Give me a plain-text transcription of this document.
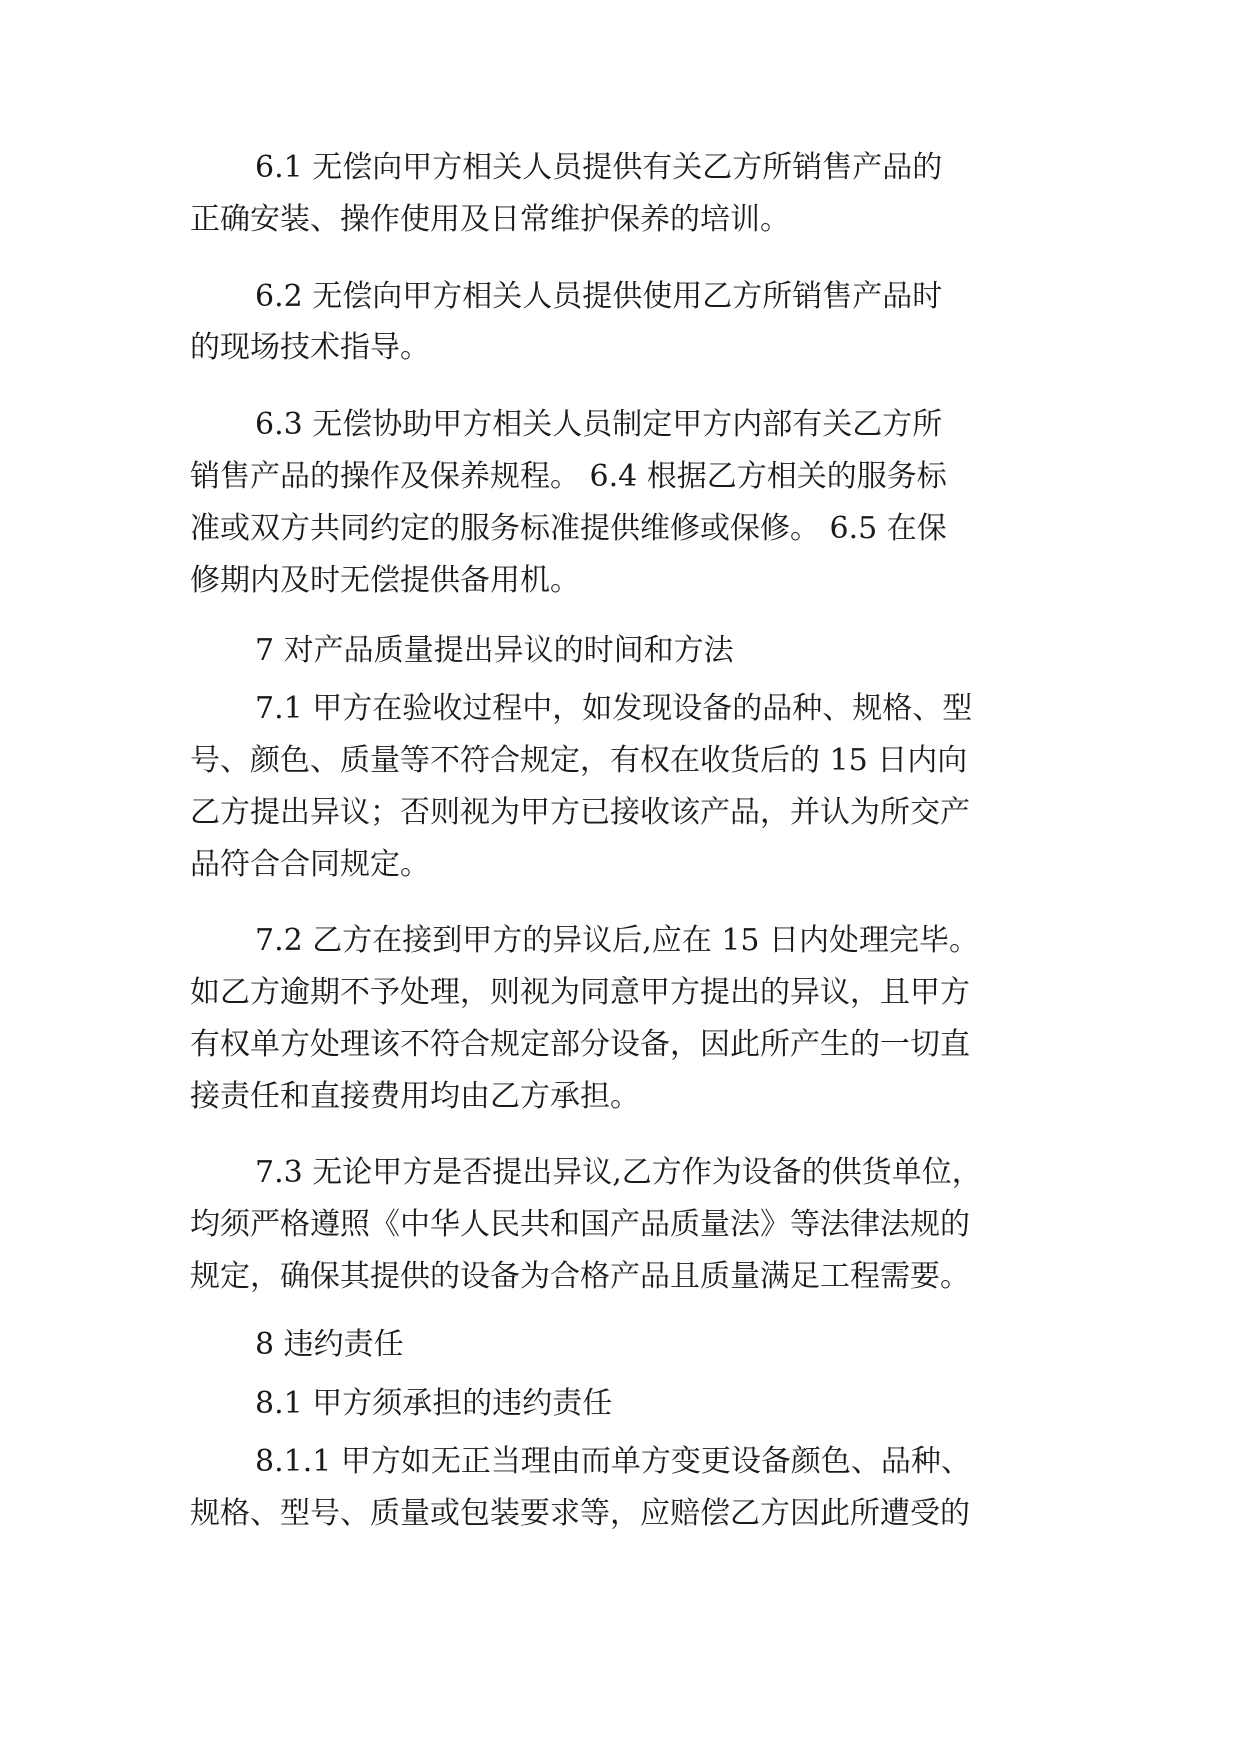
6.1 无偿向甲方相关人员提供有关乙方所销售产品的
正确安装、操作使用及日常维护保养的培训。
6.2 无偿向甲方相关人员提供使用乙方所销售产品时
的现场技术指导。
6.3 无偿协助甲方相关人员制定甲方内部有关乙方所
销售产品的操作及保养规程。 6.4 根据乙方相关的服务标
准或双方共同约定的服务标准提供维修或保修。 6.5 在保
修期内及时无偿提供备用机。
7 对产品质量提出异议的时间和方法
7.1 甲方在验收过程中，如发现设备的品种、规格、型
号、颜色、质量等不符合规定，有权在收货后的 15 日内向
乙方提出异议；否则视为甲方已接收该产品，并认为所交产
品符合合同规定。
7.2 乙方在接到甲方的异议后,应在 15 日内处理完毕。
如乙方逾期不予处理，则视为同意甲方提出的异议，且甲方
有权单方处理该不符合规定部分设备，因此所产生的一切直
接责任和直接费用均由乙方承担。
7.3 无论甲方是否提出异议,乙方作为设备的供货单位，
均须严格遵照《中华人民共和国产品质量法》等法律法规的
规定，确保其提供的设备为合格产品且质量满足工程需要。
8 违约责任
8.1 甲方须承担的违约责任
8.1.1 甲方如无正当理由而单方变更设备颜色、品种、
规格、型号、质量或包装要求等，应赔偿乙方因此所遭受的
